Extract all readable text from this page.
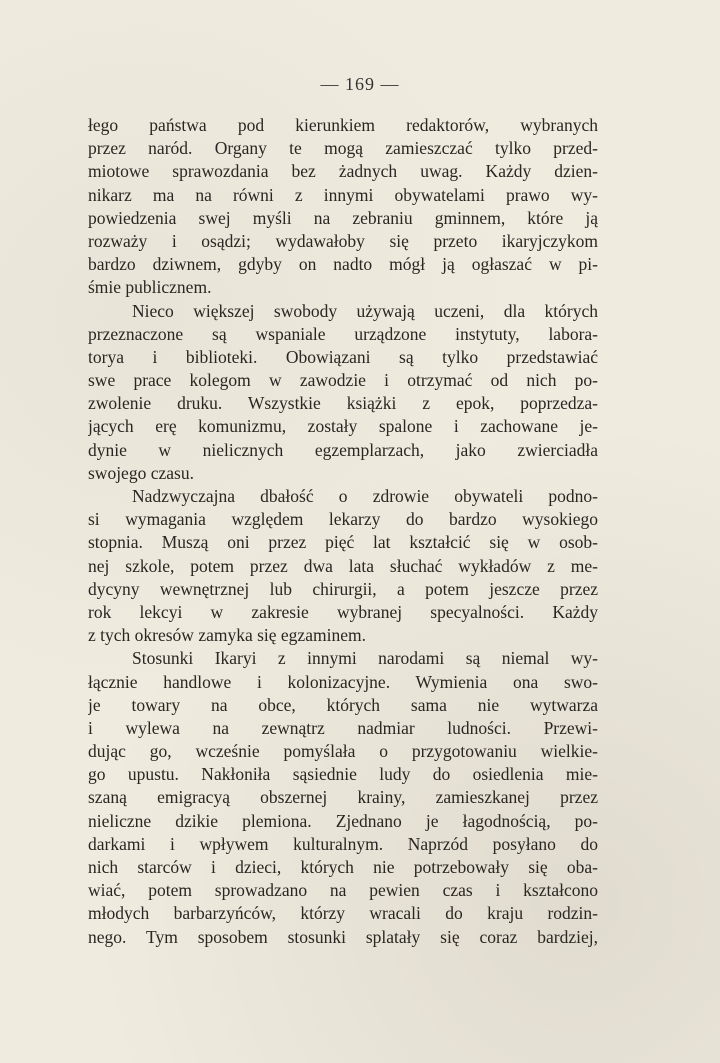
— 169 —
łego państwa pod kierunkiem redaktorów, wybranych
przez naród. Organy te mogą zamieszczać tylko przed-
miotowe sprawozdania bez żadnych uwag. Każdy dzien-
nikarz ma na równi z innymi obywatelami prawo wy-
powiedzenia swej myśli na zebraniu gminnem, które ją
rozważy i osądzi; wydawałoby się przeto ikaryjczykom
bardzo dziwnem, gdyby on nadto mógł ją ogłaszać w pi-
śmie publicznem.
Nieco większej swobody używają uczeni, dla których
przeznaczone są wspaniale urządzone instytuty, labora-
torya i biblioteki. Obowiązani są tylko przedstawiać
swe prace kolegom w zawodzie i otrzymać od nich po-
zwolenie druku. Wszystkie książki z epok, poprzedza-
jących erę komunizmu, zostały spalone i zachowane je-
dynie w nielicznych egzemplarzach, jako zwierciadła
swojego czasu.
Nadzwyczajna dbałość o zdrowie obywateli podno-
si wymagania względem lekarzy do bardzo wysokiego
stopnia. Muszą oni przez pięć lat kształcić się w osob-
nej szkole, potem przez dwa lata słuchać wykładów z me-
dycyny wewnętrznej lub chirurgii, a potem jeszcze przez
rok lekcyi w zakresie wybranej specyalności. Każdy
z tych okresów zamyka się egzaminem.
Stosunki Ikaryi z innymi narodami są niemal wy-
łącznie handlowe i kolonizacyjne. Wymienia ona swo-
je towary na obce, których sama nie wytwarza
i wylewa na zewnątrz nadmiar ludności. Przewi-
dując go, wcześnie pomyślała o przygotowaniu wielkie-
go upustu. Nakłoniła sąsiednie ludy do osiedlenia mie-
szaną emigracyą obszernej krainy, zamieszkanej przez
nieliczne dzikie plemiona. Zjednano je łagodnością, po-
darkami i wpływem kulturalnym. Naprzód posyłano do
nich starców i dzieci, których nie potrzebowały się oba-
wiać, potem sprowadzano na pewien czas i kształcono
młodych barbarzyńców, którzy wracali do kraju rodzin-
nego. Tym sposobem stosunki splatały się coraz bardziej,
